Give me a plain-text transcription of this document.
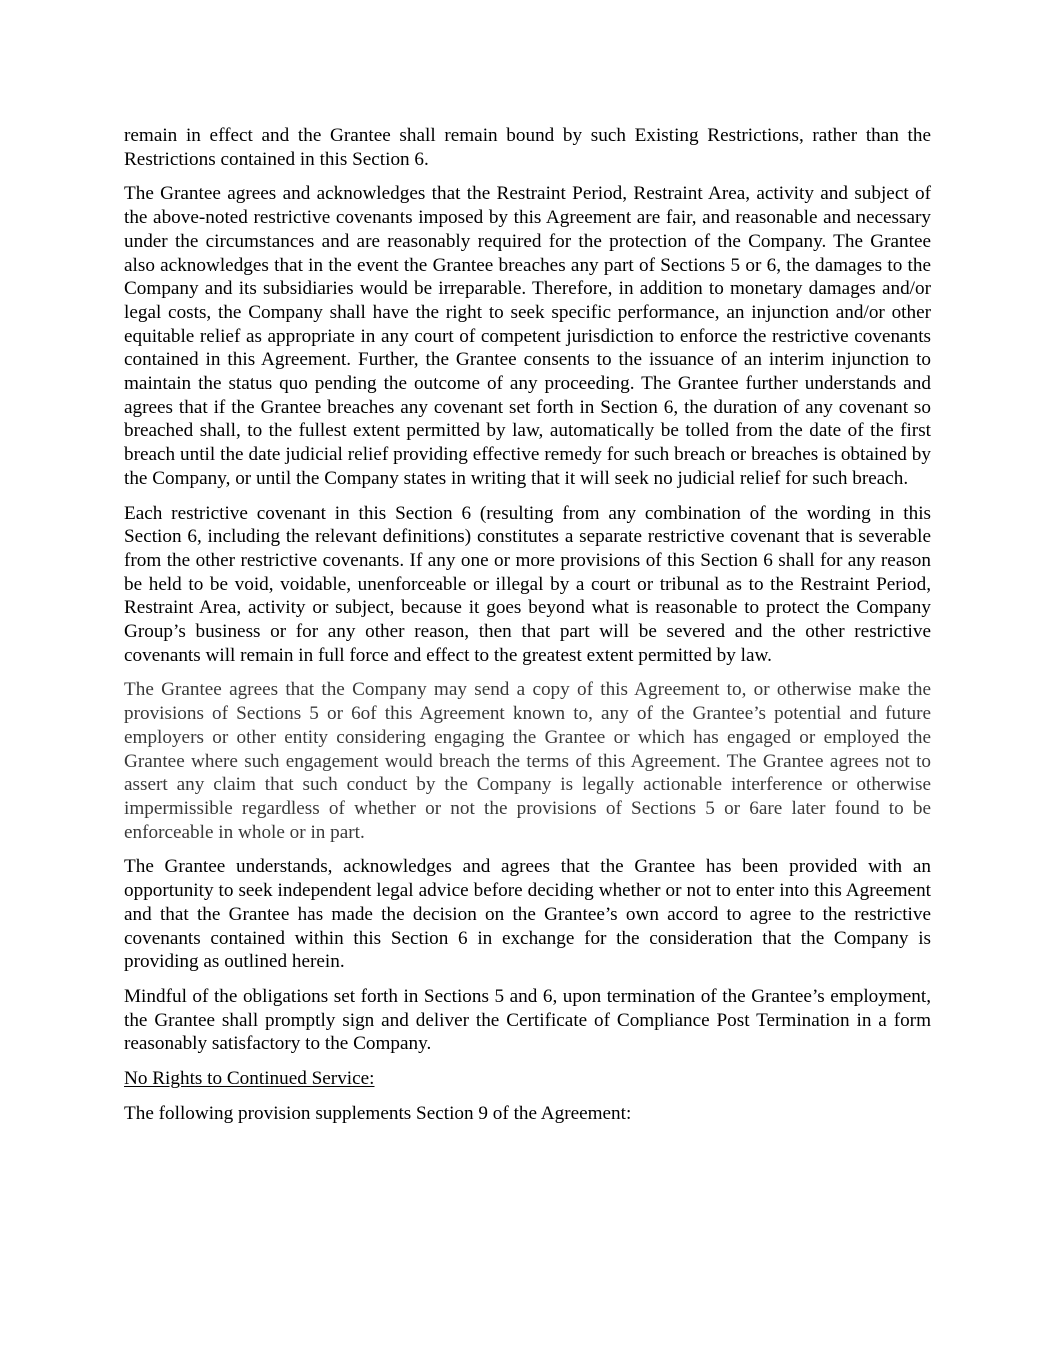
remain in effect and the Grantee shall remain bound by such Existing Restrictions, rather than the Restrictions contained in this Section 6.

The Grantee agrees and acknowledges that the Restraint Period, Restraint Area, activity and subject of the above-noted restrictive covenants imposed by this Agreement are fair, and reasonable and necessary under the circumstances and are reasonably required for the protection of the Company. The Grantee also acknowledges that in the event the Grantee breaches any part of Sections 5 or 6, the damages to the Company and its subsidiaries would be irreparable. Therefore, in addition to monetary damages and/or legal costs, the Company shall have the right to seek specific performance, an injunction and/or other equitable relief as appropriate in any court of competent jurisdiction to enforce the restrictive covenants contained in this Agreement. Further, the Grantee consents to the issuance of an interim injunction to maintain the status quo pending the outcome of any proceeding. The Grantee further understands and agrees that if the Grantee breaches any covenant set forth in Section 6, the duration of any covenant so breached shall, to the fullest extent permitted by law, automatically be tolled from the date of the first breach until the date judicial relief providing effective remedy for such breach or breaches is obtained by the Company, or until the Company states in writing that it will seek no judicial relief for such breach.

Each restrictive covenant in this Section 6 (resulting from any combination of the wording in this Section 6, including the relevant definitions) constitutes a separate restrictive covenant that is severable from the other restrictive covenants. If any one or more provisions of this Section 6 shall for any reason be held to be void, voidable, unenforceable or illegal by a court or tribunal as to the Restraint Period, Restraint Area, activity or subject, because it goes beyond what is reasonable to protect the Company Group’s business or for any other reason, then that part will be severed and the other restrictive covenants will remain in full force and effect to the greatest extent permitted by law.

The Grantee agrees that the Company may send a copy of this Agreement to, or otherwise make the provisions of Sections 5 or 6of this Agreement known to, any of the Grantee’s potential and future employers or other entity considering engaging the Grantee or which has engaged or employed the Grantee where such engagement would breach the terms of this Agreement. The Grantee agrees not to assert any claim that such conduct by the Company is legally actionable interference or otherwise impermissible regardless of whether or not the provisions of Sections 5 or 6are later found to be enforceable in whole or in part.

The Grantee understands, acknowledges and agrees that the Grantee has been provided with an opportunity to seek independent legal advice before deciding whether or not to enter into this Agreement and that the Grantee has made the decision on the Grantee’s own accord to agree to the restrictive covenants contained within this Section 6 in exchange for the consideration that the Company is providing as outlined herein.

Mindful of the obligations set forth in Sections 5 and 6, upon termination of the Grantee’s employment, the Grantee shall promptly sign and deliver the Certificate of Compliance Post Termination in a form reasonably satisfactory to the Company.

No Rights to Continued Service:

The following provision supplements Section 9 of the Agreement:
